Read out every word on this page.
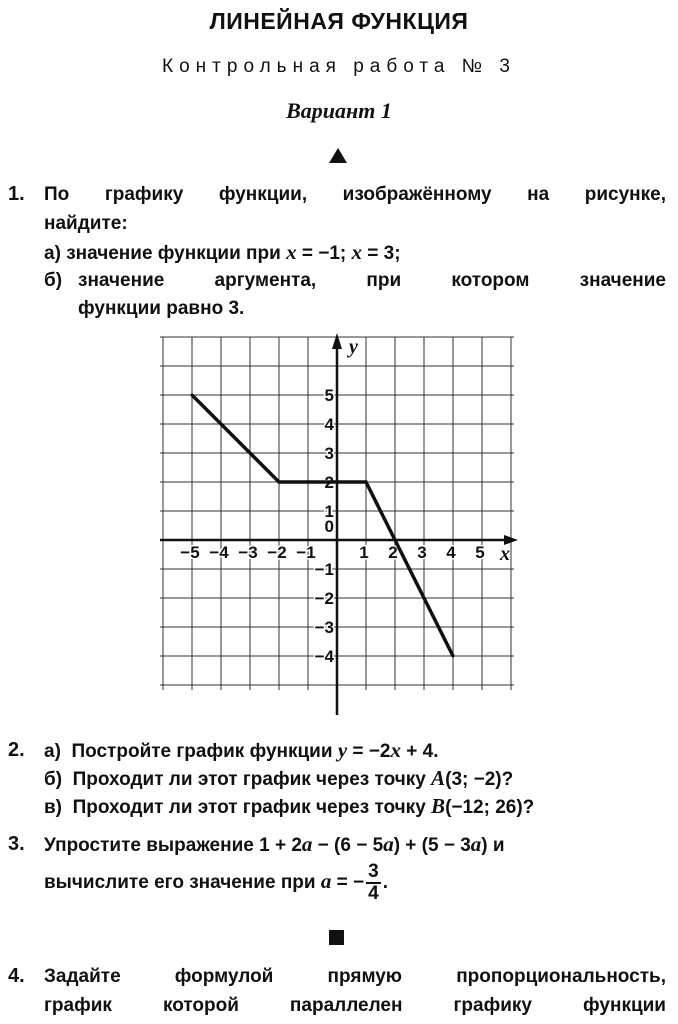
ЛИНЕЙНАЯ ФУНКЦИЯ
Контрольная работа № 3
Вариант 1
1. По графику функции, изображённому на рисунке,
найдите:
а) значение функции при x = −1; x = 3;
б) значение аргумента, при котором значение
функции равно 3.
−5 −4 −3 −2 −1	1 2 3 4 5
−4
−3
−2
−1
1
2
3
4
5
0
x
y
2. а) Постройте график функции y = −2x + 4.
б) Проходит ли этот график через точку A(3; −2)?
в) Проходит ли этот график через точку B(−12; 26)?
3. Упростите выражение 1 + 2a − (6 − 5a) + (5 − 3a) и
вычислите его значение при a = − $\frac{3}{4}$ .
4. Задайте формулой прямую пропорциональность,
график которой параллелен графику функции
